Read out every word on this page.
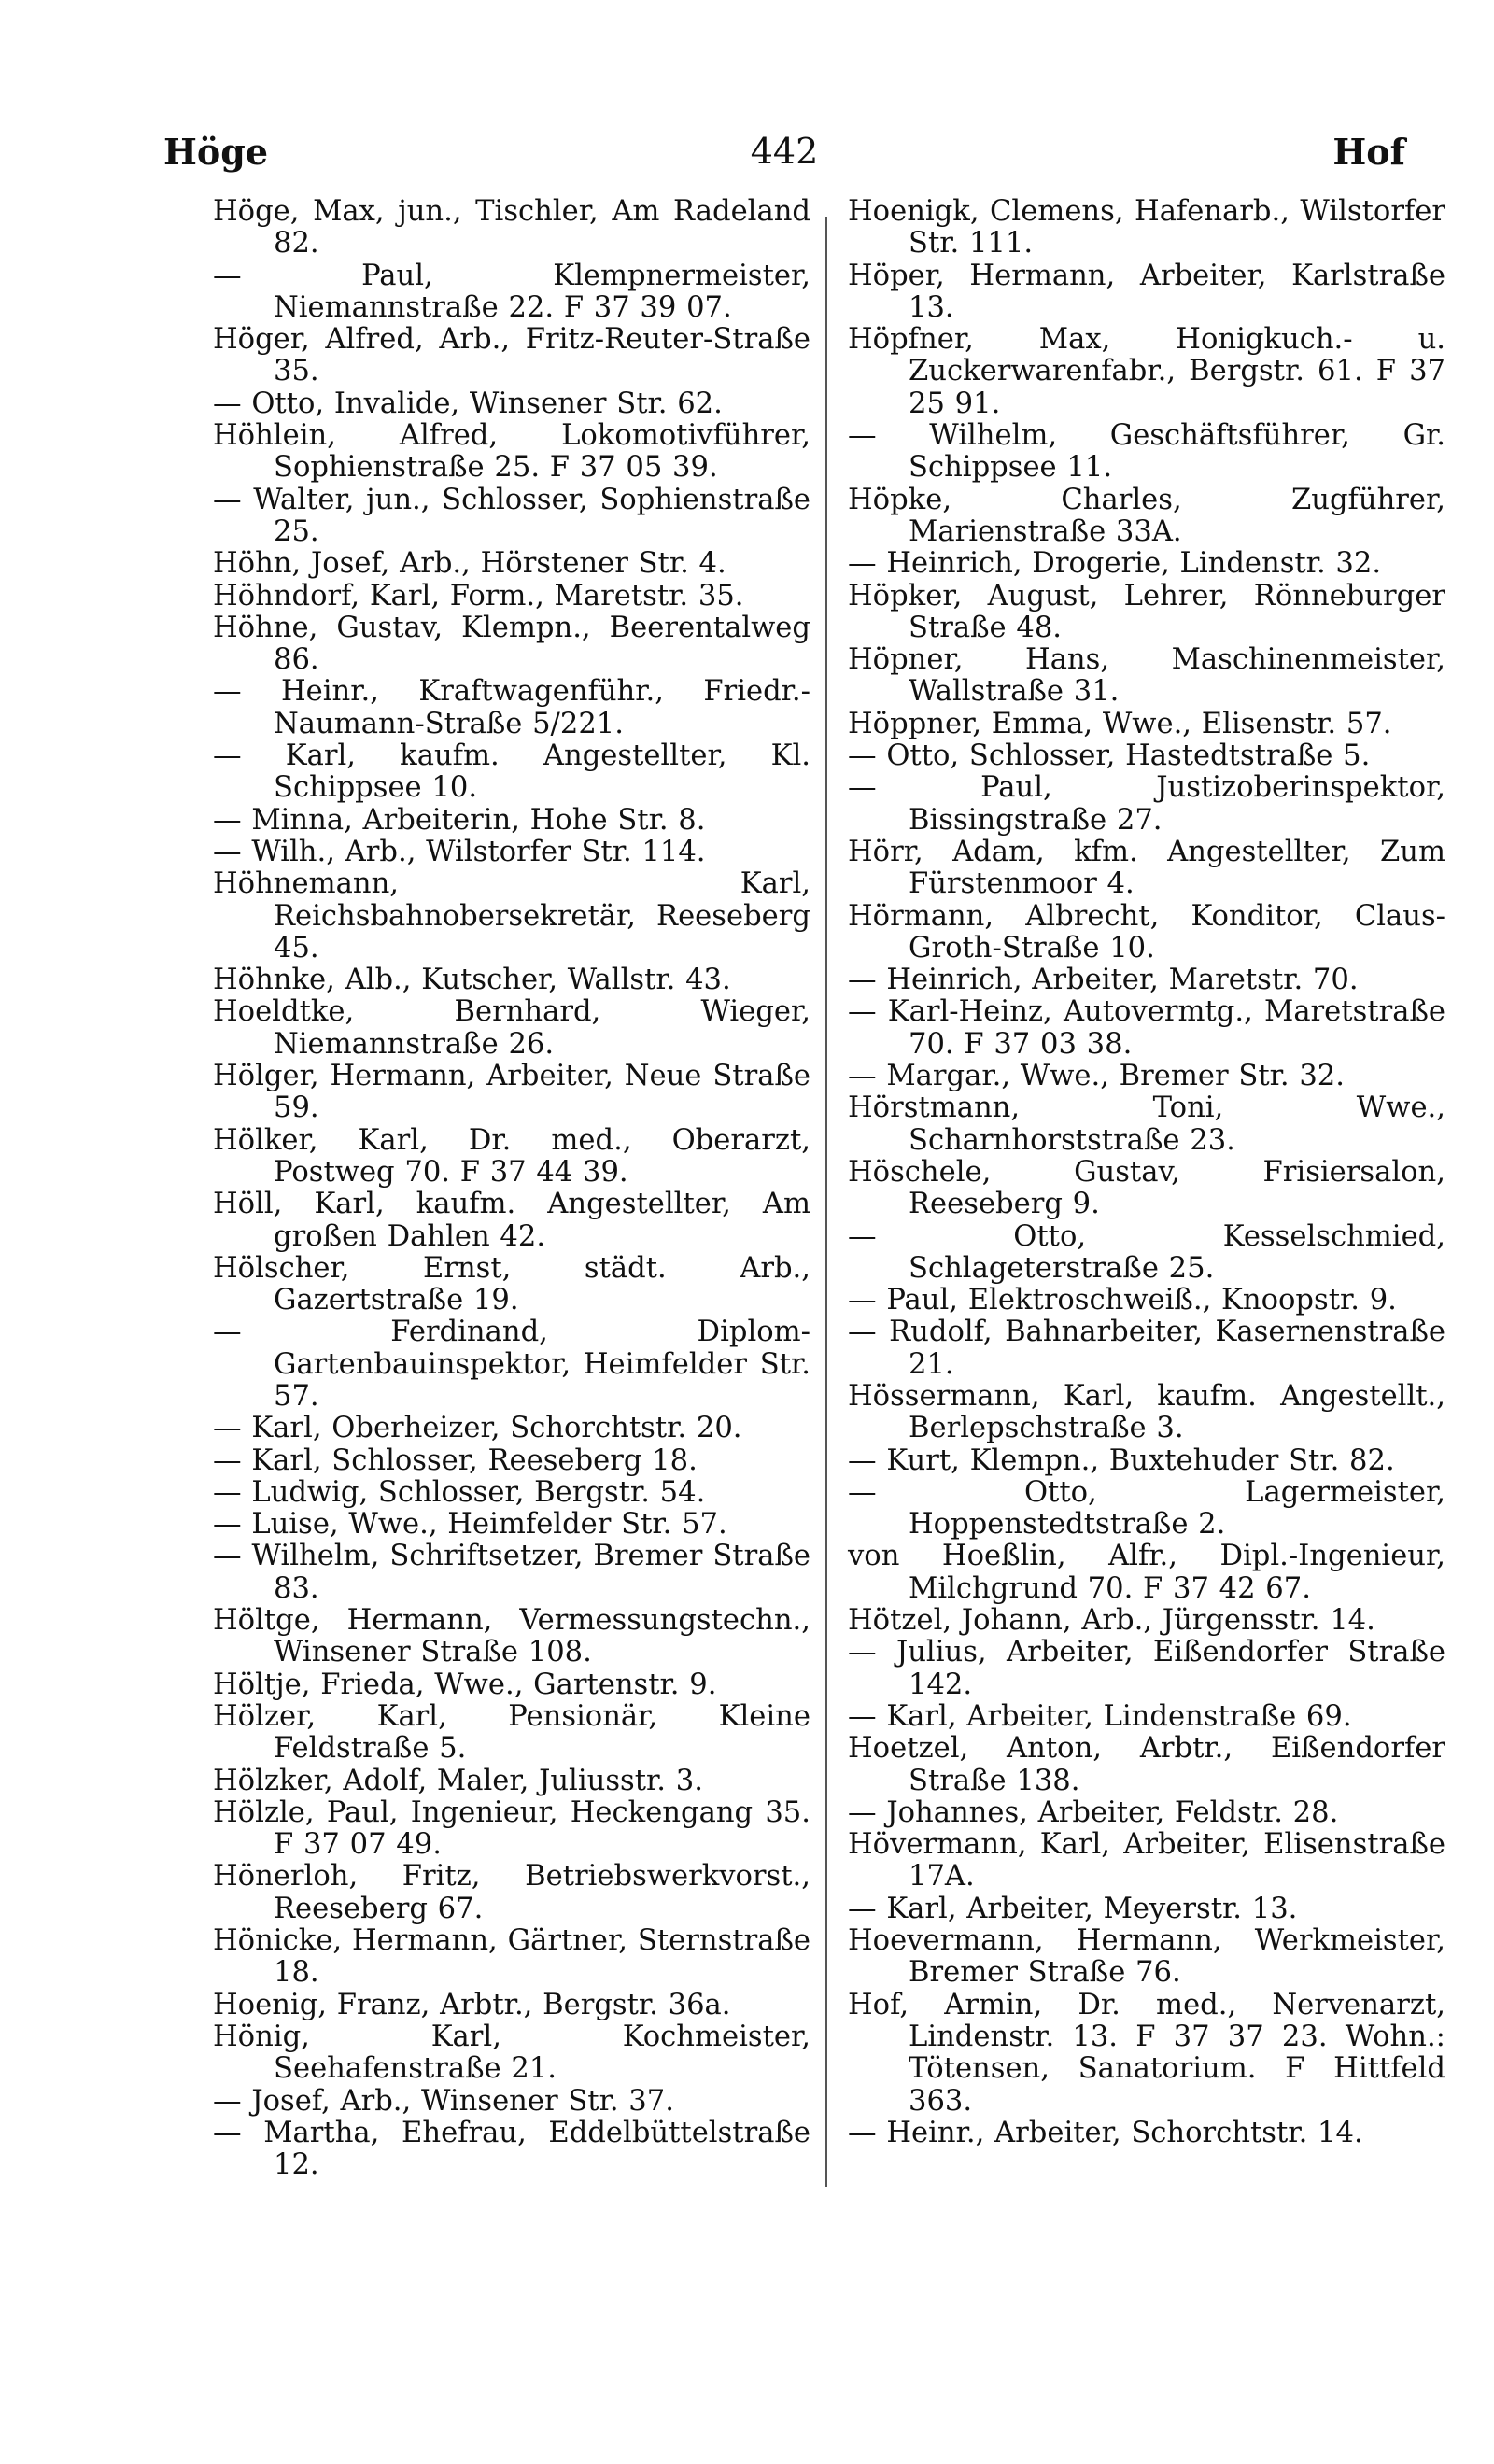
Höge	442	Hof
Höge, Max, jun., Tischler, Am Radeland 82.
— Paul, Klempnermeister, Niemannstraße 22. F 37 39 07.
Höger, Alfred, Arb., Fritz-Reuter-Straße 35.
— Otto, Invalide, Winsener Str. 62.
Höhlein, Alfred, Lokomotivführer, Sophienstraße 25. F 37 05 39.
— Walter, jun., Schlosser, Sophienstraße 25.
Höhn, Josef, Arb., Hörstener Str. 4.
Höhndorf, Karl, Form., Maretstr. 35.
Höhne, Gustav, Klempn., Beerentalweg 86.
— Heinr., Kraftwagenführ., Friedr.-Naumann-Straße 5/221.
— Karl, kaufm. Angestellter, Kl. Schippsee 10.
— Minna, Arbeiterin, Hohe Str. 8.
— Wilh., Arb., Wilstorfer Str. 114.
Höhnemann, Karl, Reichsbahnobersekretär, Reeseberg 45.
Höhnke, Alb., Kutscher, Wallstr. 43.
Hoeldtke, Bernhard, Wieger, Niemannstraße 26.
Hölger, Hermann, Arbeiter, Neue Straße 59.
Hölker, Karl, Dr. med., Oberarzt, Postweg 70. F 37 44 39.
Höll, Karl, kaufm. Angestellter, Am großen Dahlen 42.
Hölscher, Ernst, städt. Arb., Gazertstraße 19.
— Ferdinand, Diplom-Gartenbauinspektor, Heimfelder Str. 57.
— Karl, Oberheizer, Schorchtstr. 20.
— Karl, Schlosser, Reeseberg 18.
— Ludwig, Schlosser, Bergstr. 54.
— Luise, Wwe., Heimfelder Str. 57.
— Wilhelm, Schriftsetzer, Bremer Straße 83.
Höltge, Hermann, Vermessungstechn., Winsener Straße 108.
Höltje, Frieda, Wwe., Gartenstr. 9.
Hölzer, Karl, Pensionär, Kleine Feldstraße 5.
Hölzker, Adolf, Maler, Juliusstr. 3.
Hölzle, Paul, Ingenieur, Heckengang 35. F 37 07 49.
Hönerloh, Fritz, Betriebswerkvorst., Reeseberg 67.
Hönicke, Hermann, Gärtner, Sternstraße 18.
Hoenig, Franz, Arbtr., Bergstr. 36a.
Hönig, Karl, Kochmeister, Seehafenstraße 21.
— Josef, Arb., Winsener Str. 37.
— Martha, Ehefrau, Eddelbüttelstraße 12.
Hoenigk, Clemens, Hafenarb., Wilstorfer Str. 111.
Höper, Hermann, Arbeiter, Karlstraße 13.
Höpfner, Max, Honigkuch.- u. Zuckerwarenfabr., Bergstr. 61. F 37 25 91.
— Wilhelm, Geschäftsführer, Gr. Schippsee 11.
Höpke, Charles, Zugführer, Marienstraße 33A.
— Heinrich, Drogerie, Lindenstr. 32.
Höpker, August, Lehrer, Rönneburger Straße 48.
Höpner, Hans, Maschinenmeister, Wallstraße 31.
Höppner, Emma, Wwe., Elisenstr. 57.
— Otto, Schlosser, Hastedtstraße 5.
— Paul, Justizoberinspektor, Bissingstraße 27.
Hörr, Adam, kfm. Angestellter, Zum Fürstenmoor 4.
Hörmann, Albrecht, Konditor, Claus-Groth-Straße 10.
— Heinrich, Arbeiter, Maretstr. 70.
— Karl-Heinz, Autovermtg., Maretstraße 70. F 37 03 38.
— Margar., Wwe., Bremer Str. 32.
Hörstmann, Toni, Wwe., Scharnhorststraße 23.
Höschele, Gustav, Frisiersalon, Reeseberg 9.
— Otto, Kesselschmied, Schlageterstraße 25.
— Paul, Elektroschweiß., Knoopstr. 9.
— Rudolf, Bahnarbeiter, Kasernenstraße 21.
Hössermann, Karl, kaufm. Angestellt., Berlepschstraße 3.
— Kurt, Klempn., Buxtehuder Str. 82.
— Otto, Lagermeister, Hoppenstedtstraße 2.
von Hoeßlin, Alfr., Dipl.-Ingenieur, Milchgrund 70. F 37 42 67.
Hötzel, Johann, Arb., Jürgensstr. 14.
— Julius, Arbeiter, Eißendorfer Straße 142.
— Karl, Arbeiter, Lindenstraße 69.
Hoetzel, Anton, Arbtr., Eißendorfer Straße 138.
— Johannes, Arbeiter, Feldstr. 28.
Hövermann, Karl, Arbeiter, Elisenstraße 17A.
— Karl, Arbeiter, Meyerstr. 13.
Hoevermann, Hermann, Werkmeister, Bremer Straße 76.
Hof, Armin, Dr. med., Nervenarzt, Lindenstr. 13. F 37 37 23. Wohn.: Tötensen, Sanatorium. F Hittfeld 363.
— Heinr., Arbeiter, Schorchtstr. 14.
